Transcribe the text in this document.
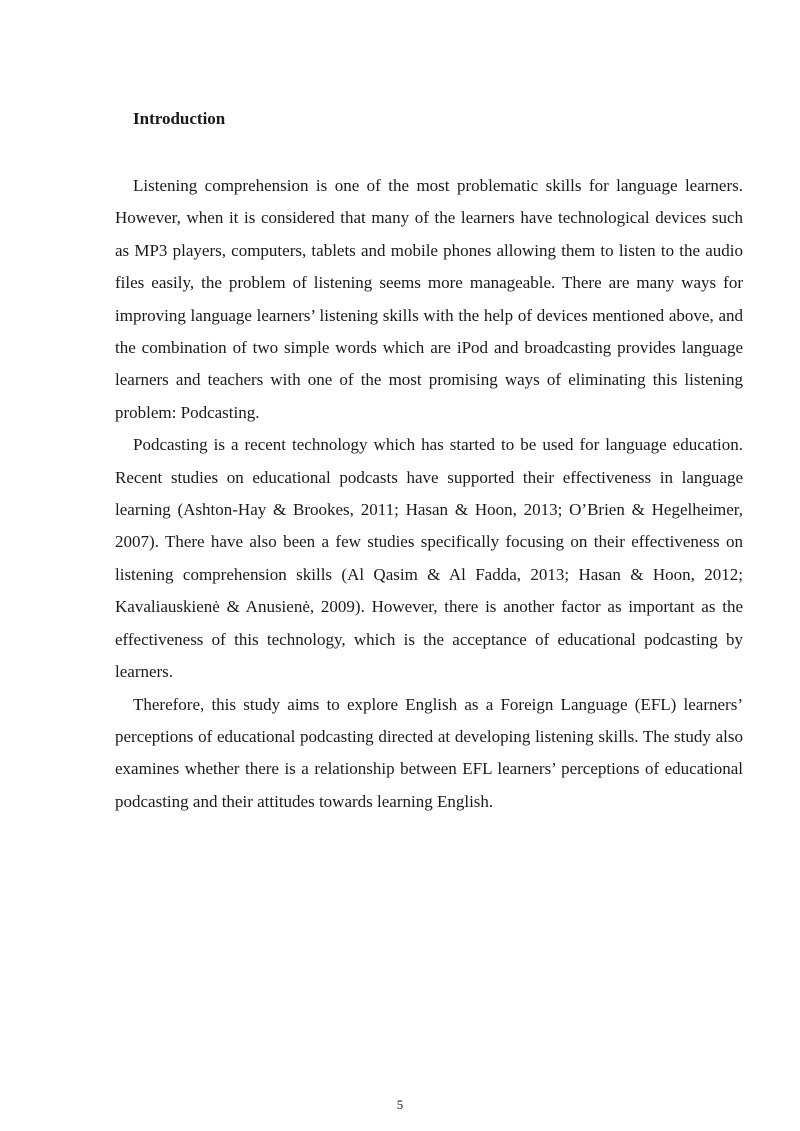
Introduction

Listening comprehension is one of the most problematic skills for language learners. However, when it is considered that many of the learners have technological devices such as MP3 players, computers, tablets and mobile phones allowing them to listen to the audio files easily, the problem of listening seems more manageable. There are many ways for improving language learners’ listening skills with the help of devices mentioned above, and the combination of two simple words which are iPod and broadcasting provides language learners and teachers with one of the most promising ways of eliminating this listening problem: Podcasting.

Podcasting is a recent technology which has started to be used for language education. Recent studies on educational podcasts have supported their effectiveness in language learning (Ashton-Hay & Brookes, 2011; Hasan & Hoon, 2013; O’Brien & Hegelheimer, 2007). There have also been a few studies specifically focusing on their effectiveness on listening comprehension skills (Al Qasim & Al Fadda, 2013; Hasan & Hoon, 2012; Kavaliauskienė & Anusienė, 2009). However, there is another factor as important as the effectiveness of this technology, which is the acceptance of educational podcasting by learners.

Therefore, this study aims to explore English as a Foreign Language (EFL) learners’ perceptions of educational podcasting directed at developing listening skills. The study also examines whether there is a relationship between EFL learners’ perceptions of educational podcasting and their attitudes towards learning English.

5
